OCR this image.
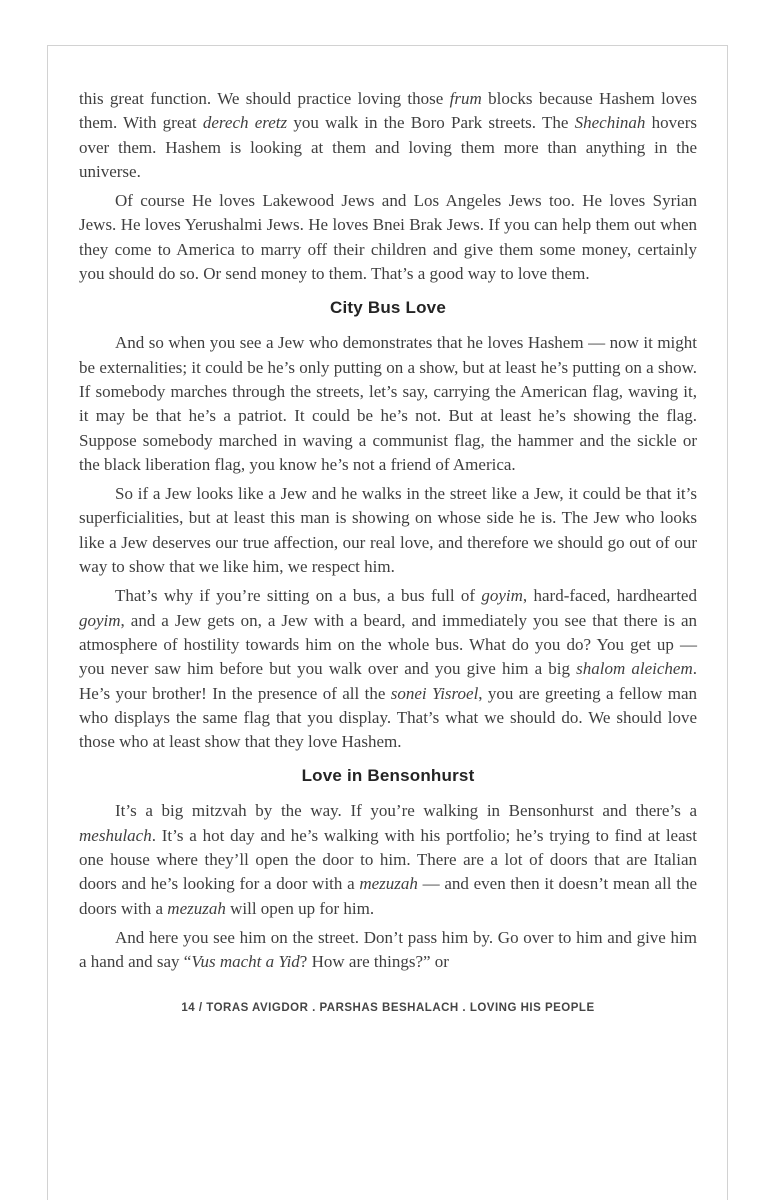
this great function. We should practice loving those frum blocks because Hashem loves them. With great derech eretz you walk in the Boro Park streets. The Shechinah hovers over them. Hashem is looking at them and loving them more than anything in the universe.

Of course He loves Lakewood Jews and Los Angeles Jews too. He loves Syrian Jews. He loves Yerushalmi Jews. He loves Bnei Brak Jews. If you can help them out when they come to America to marry off their children and give them some money, certainly you should do so. Or send money to them. That’s a good way to love them.

City Bus Love

And so when you see a Jew who demonstrates that he loves Hashem — now it might be externalities; it could be he’s only putting on a show, but at least he’s putting on a show. If somebody marches through the streets, let’s say, carrying the American flag, waving it, it may be that he’s a patriot. It could be he’s not. But at least he’s showing the flag. Suppose somebody marched in waving a communist flag, the hammer and the sickle or the black liberation flag, you know he’s not a friend of America.

So if a Jew looks like a Jew and he walks in the street like a Jew, it could be that it’s superficialities, but at least this man is showing on whose side he is. The Jew who looks like a Jew deserves our true affection, our real love, and therefore we should go out of our way to show that we like him, we respect him.

That’s why if you’re sitting on a bus, a bus full of goyim, hard-faced, hardhearted goyim, and a Jew gets on, a Jew with a beard, and immediately you see that there is an atmosphere of hostility towards him on the whole bus. What do you do? You get up — you never saw him before but you walk over and you give him a big shalom aleichem. He’s your brother! In the presence of all the sonei Yisroel, you are greeting a fellow man who displays the same flag that you display. That’s what we should do. We should love those who at least show that they love Hashem.

Love in Bensonhurst

It’s a big mitzvah by the way. If you’re walking in Bensonhurst and there’s a meshulach. It’s a hot day and he’s walking with his portfolio; he’s trying to find at least one house where they’ll open the door to him. There are a lot of doors that are Italian doors and he’s looking for a door with a mezuzah — and even then it doesn’t mean all the doors with a mezuzah will open up for him.

And here you see him on the street. Don’t pass him by. Go over to him and give him a hand and say “Vus macht a Yid? How are things?” or

14 / TORAS AVIGDOR . PARSHAS BESHALACH . LOVING HIS PEOPLE
